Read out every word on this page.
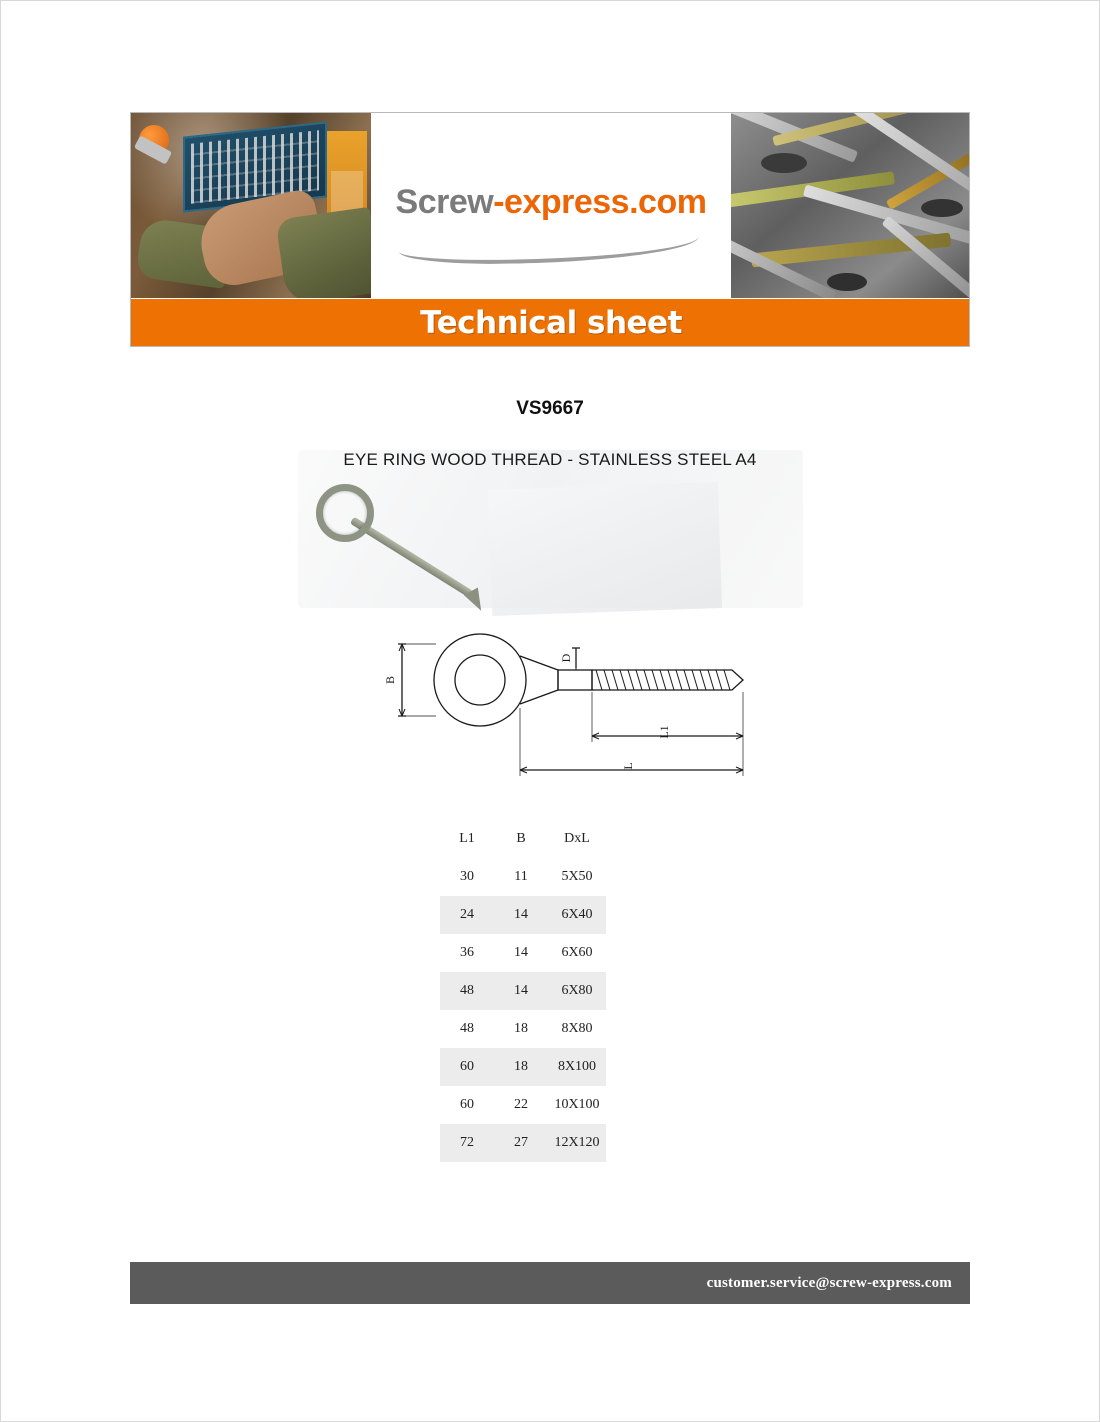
Screw-express.com
Technical sheet
VS9667
EYE RING WOOD THREAD - STAINLESS STEEL A4
B
D
L1
L
L1	B	DxL
30	11	5X50
24	14	6X40
36	14	6X60
48	14	6X80
48	18	8X80
60	18	8X100
60	22	10X100
72	27	12X120
customer.service@screw-express.com
